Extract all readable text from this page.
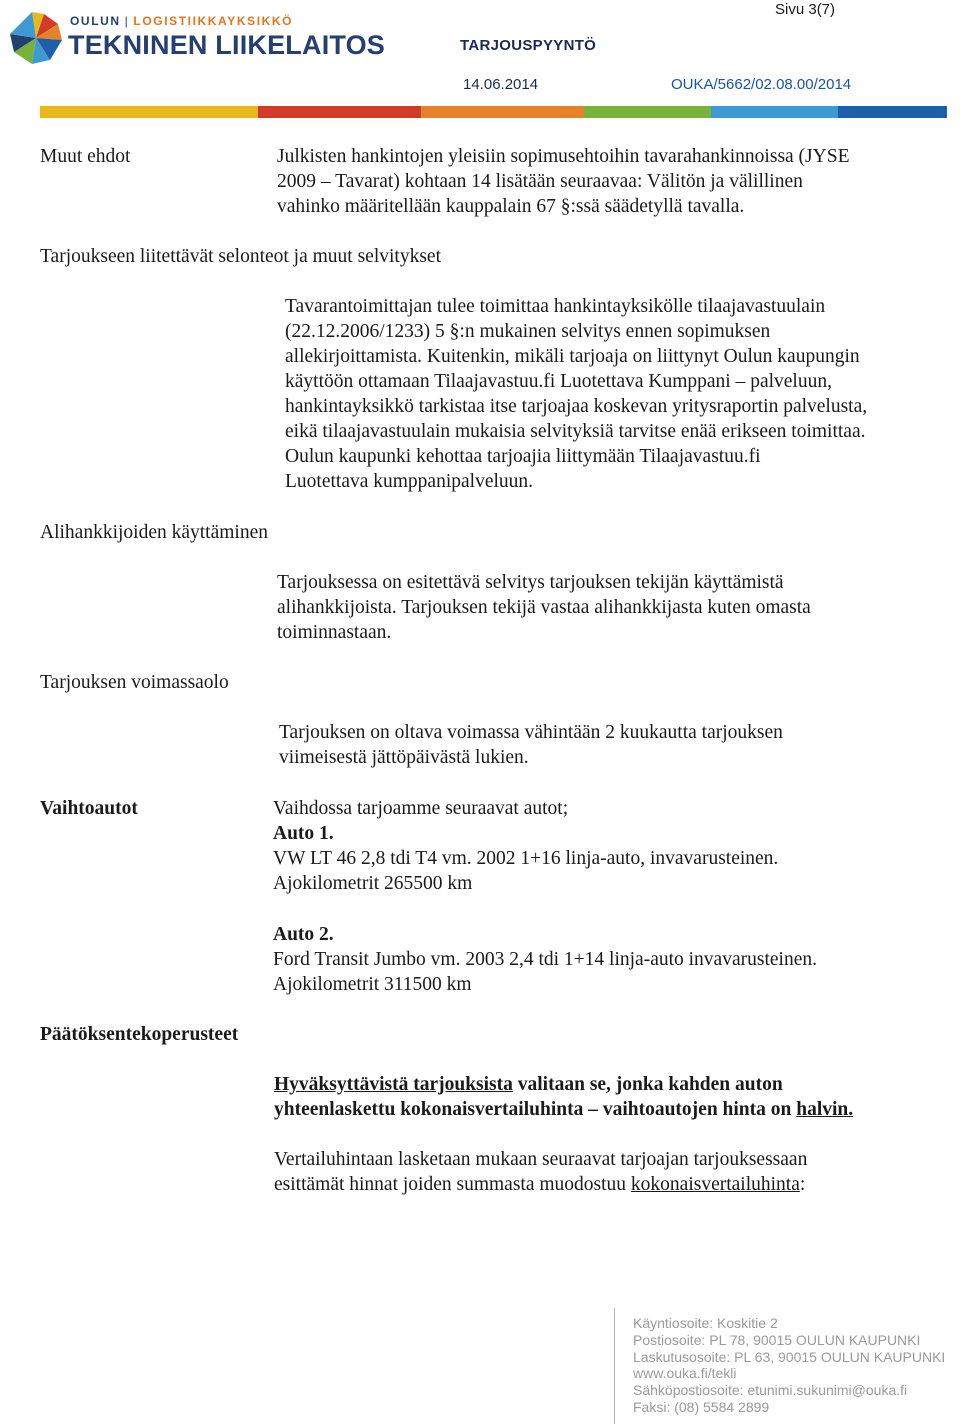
OULUN | LOGISTIIKKAYKSIKKÖ
TEKNINEN LIIKELAITOS	TARJOUSPYYNTÖ
Sivu 3(7)
14.06.2014	OUKA/5662/02.08.00/2014
Muut ehdot	Julkisten hankintojen yleisiin sopimusehtoihin tavarahankinnoissa (JYSE
2009 – Tavarat) kohtaan 14 lisätään seuraavaa: Välitön ja välillinen
vahinko määritellään kauppalain 67 §:ssä säädetyllä tavalla.
Tarjoukseen liitettävät selonteot ja muut selvitykset
Tavarantoimittajan tulee toimittaa hankintayksikölle tilaajavastuulain
(22.12.2006/1233) 5 §:n mukainen selvitys ennen sopimuksen
allekirjoittamista. Kuitenkin, mikäli tarjoaja on liittynyt Oulun kaupungin
käyttöön ottamaan Tilaajavastuu.fi Luotettava Kumppani – palveluun,
hankintayksikkö tarkistaa itse tarjoajaa koskevan yritysraportin palvelusta,
eikä tilaajavastuulain mukaisia selvityksiä tarvitse enää erikseen toimittaa.
Oulun kaupunki kehottaa tarjoajia liittymään Tilaajavastuu.fi
Luotettava kumppanipalveluun.
Alihankkijoiden käyttäminen
Tarjouksessa on esitettävä selvitys tarjouksen tekijän käyttämistä
alihankkijoista. Tarjouksen tekijä vastaa alihankkijasta kuten omasta
toiminnastaan.
Tarjouksen voimassaolo
Tarjouksen on oltava voimassa vähintään 2 kuukautta tarjouksen
viimeisestä jättöpäivästä lukien.
Vaihtoautot	Vaihdossa tarjoamme seuraavat autot;
Auto 1.
VW LT 46 2,8 tdi T4 vm. 2002 1+16 linja-auto, invavarusteinen.
Ajokilometrit 265500 km
Auto 2.
Ford Transit Jumbo vm. 2003 2,4 tdi 1+14 linja-auto invavarusteinen.
Ajokilometrit 311500 km
Päätöksentekoperusteet
Hyväksyttävistä tarjouksista valitaan se, jonka kahden auton
yhteenlaskettu kokonaisvertailuhinta – vaihtoautojen hinta on halvin.
Vertailuhintaan lasketaan mukaan seuraavat tarjoajan tarjouksessaan
esittämät hinnat joiden summasta muodostuu kokonaisvertailuhinta:
Käyntiosoite: Koskitie 2
Postiosoite: PL 78, 90015 OULUN KAUPUNKI
Laskutusosoite: PL 63, 90015 OULUN KAUPUNKI
www.ouka.fi/tekli
Sähköpostiosoite: etunimi.sukunimi@ouka.fi
Faksi: (08) 5584 2899
